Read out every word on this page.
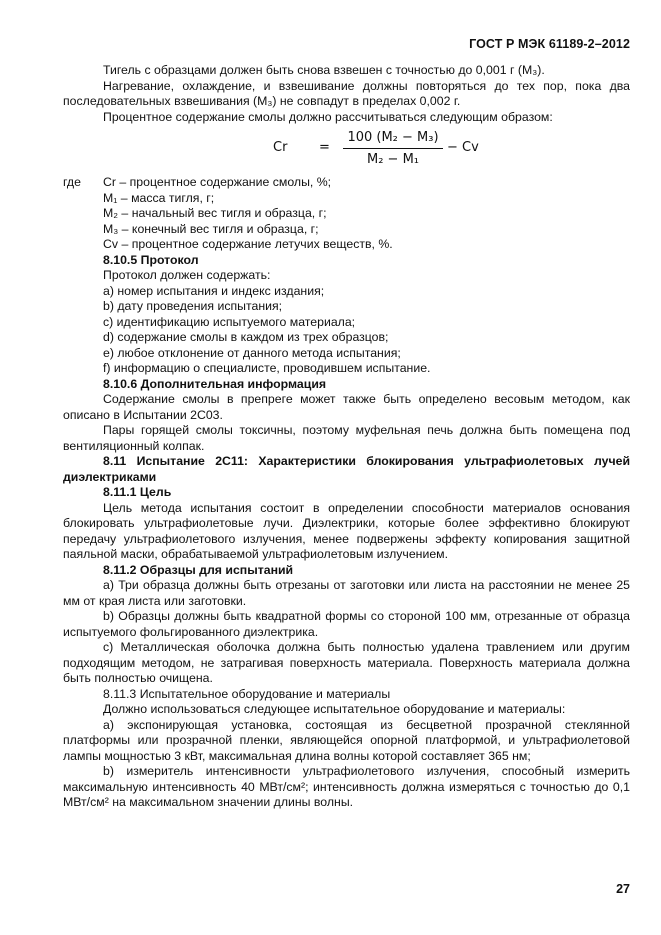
ГОСТ Р МЭК 61189-2–2012

Тигель с образцами должен быть снова взвешен с точностью до 0,001 г (M₃).

Нагревание, охлаждение, и взвешивание должны повторяться до тех пор, пока два последовательных взвешивания (M₃) не совпадут в пределах 0,002 г.

Процентное содержание смолы должно рассчитываться следующим образом:

Cr =
100 (M₂ − M₃)
M₂ − M₁
− Cv
где	Cr – процентное содержание смолы, %;

M₁ – масса тигля, г;

M₂ – начальный вес тигля и образца, г;

M₃ – конечный вес тигля и образца, г;

Cv – процентное содержание летучих веществ, %.

8.10.5 Протокол

Протокол должен содержать:

a) номер испытания и индекс издания;

b) дату проведения испытания;

c) идентификацию испытуемого материала;

d) содержание смолы в каждом из трех образцов;

e) любое отклонение от данного метода испытания;

f) информацию о специалисте, проводившем испытание.

8.10.6 Дополнительная информация

Содержание смолы в препреге может также быть определено весовым методом, как описано в Испытании 2С03.

Пары горящей смолы токсичны, поэтому муфельная печь должна быть помещена под вентиляционный колпак.

8.11 Испытание 2С11: Характеристики блокирования ультрафиолетовых лучей диэлектриками

8.11.1 Цель

Цель метода испытания состоит в определении способности материалов основания блокировать ультрафиолетовые лучи. Диэлектрики, которые более эффективно блокируют передачу ультрафиолетового излучения, менее подвержены эффекту копирования защитной паяльной маски, обрабатываемой ультрафиолетовым излучением.

8.11.2 Образцы для испытаний

a) Три образца должны быть отрезаны от заготовки или листа на расстоянии не менее 25 мм от края листа или заготовки.

b) Образцы должны быть квадратной формы со стороной 100 мм, отрезанные от образца испытуемого фольгированного диэлектрика.

c) Металлическая оболочка должна быть полностью удалена травлением или другим подходящим методом, не затрагивая поверхность материала. Поверхность материала должна быть полностью очищена.

8.11.3 Испытательное оборудование и материалы

Должно использоваться следующее испытательное оборудование и материалы:

a) экспонирующая установка, состоящая из бесцветной прозрачной стеклянной платформы или прозрачной пленки, являющейся опорной платформой, и ультрафиолетовой лампы мощностью 3 кВт, максимальная длина волны которой составляет 365 нм;

b) измеритель интенсивности ультрафиолетового излучения, способный измерить максимальную интенсивность 40 МВт/см²; интенсивность должна измеряться с точностью до 0,1 МВт/см² на максимальном значении длины волны.

27
